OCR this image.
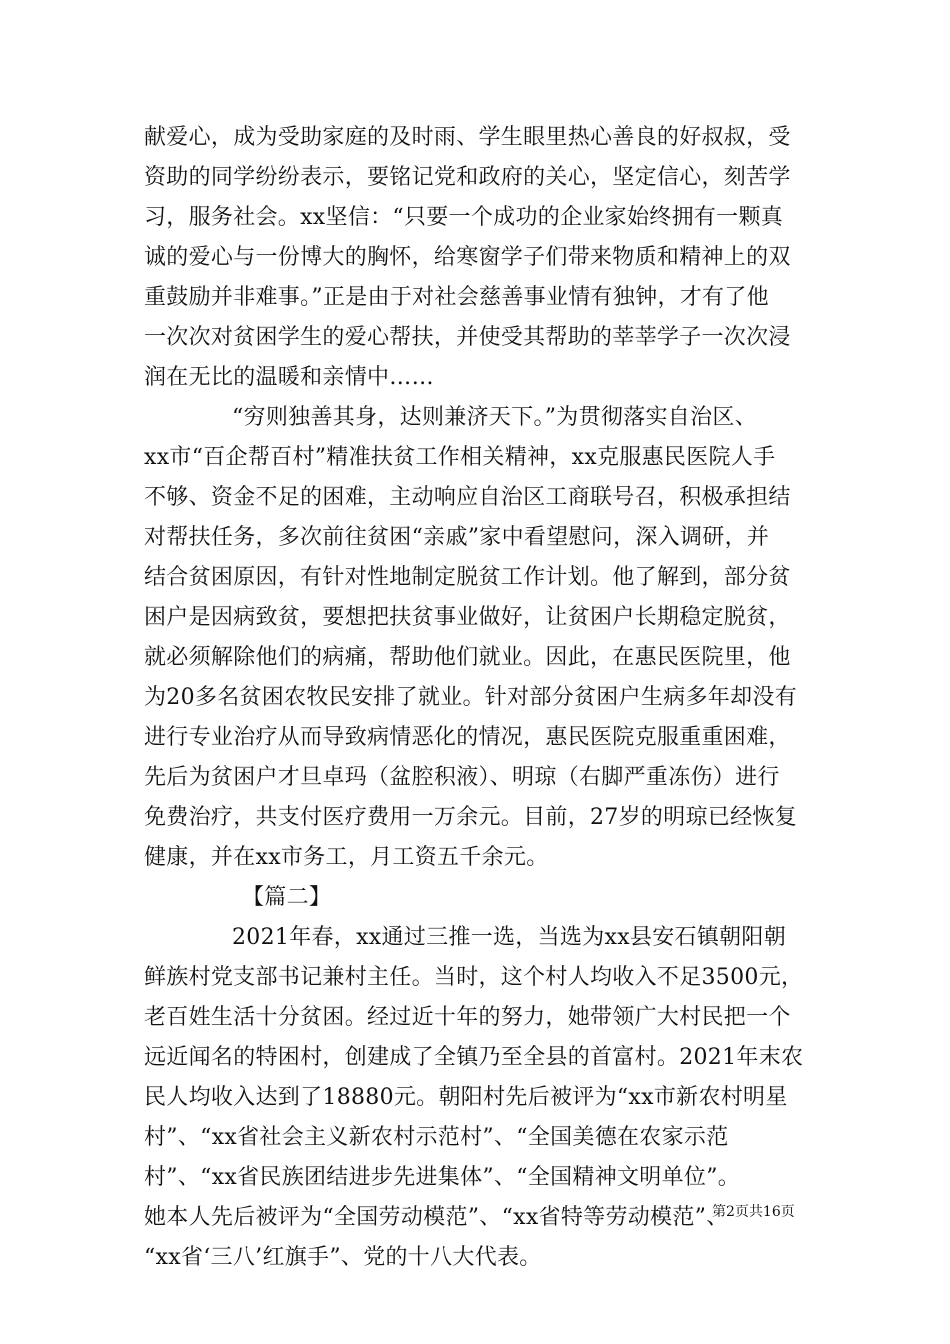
献爱心，成为受助家庭的及时雨、学生眼里热心善良的好叔叔，受
资助的同学纷纷表示，要铭记党和政府的关心，坚定信心，刻苦学
习，服务社会。xx坚信：“只要一个成功的企业家始终拥有一颗真
诚的爱心与一份博大的胸怀，给寒窗学子们带来物质和精神上的双
重鼓励并非难事。”正是由于对社会慈善事业情有独钟，才有了他
一次次对贫困学生的爱心帮扶，并使受其帮助的莘莘学子一次次浸
润在无比的温暖和亲情中……
“穷则独善其身，达则兼济天下。”为贯彻落实自治区、
xx市“百企帮百村”精准扶贫工作相关精神，xx克服惠民医院人手
不够、资金不足的困难，主动响应自治区工商联号召，积极承担结
对帮扶任务，多次前往贫困“亲戚”家中看望慰问，深入调研，并
结合贫困原因，有针对性地制定脱贫工作计划。他了解到，部分贫
困户是因病致贫，要想把扶贫事业做好，让贫困户长期稳定脱贫，
就必须解除他们的病痛，帮助他们就业。因此，在惠民医院里，他
为20多名贫困农牧民安排了就业。针对部分贫困户生病多年却没有
进行专业治疗从而导致病情恶化的情况，惠民医院克服重重困难，
先后为贫困户才旦卓玛（盆腔积液）、明琼（右脚严重冻伤）进行
免费治疗，共支付医疗费用一万余元。目前，27岁的明琼已经恢复
健康，并在xx市务工，月工资五千余元。
【篇二】
2021年春，xx通过三推一选，当选为xx县安石镇朝阳朝
鲜族村党支部书记兼村主任。当时，这个村人均收入不足3500元，
老百姓生活十分贫困。经过近十年的努力，她带领广大村民把一个
远近闻名的特困村，创建成了全镇乃至全县的首富村。2021年末农
民人均收入达到了18880元。朝阳村先后被评为“xx市新农村明星
村”、“xx省社会主义新农村示范村”、“全国美德在农家示范
村”、“xx省民族团结进步先进集体”、“全国精神文明单位”。
她本人先后被评为“全国劳动模范”、“xx省特等劳动模范”、
“xx省‘三八’红旗手”、党的十八大代表。
第2页共16页
